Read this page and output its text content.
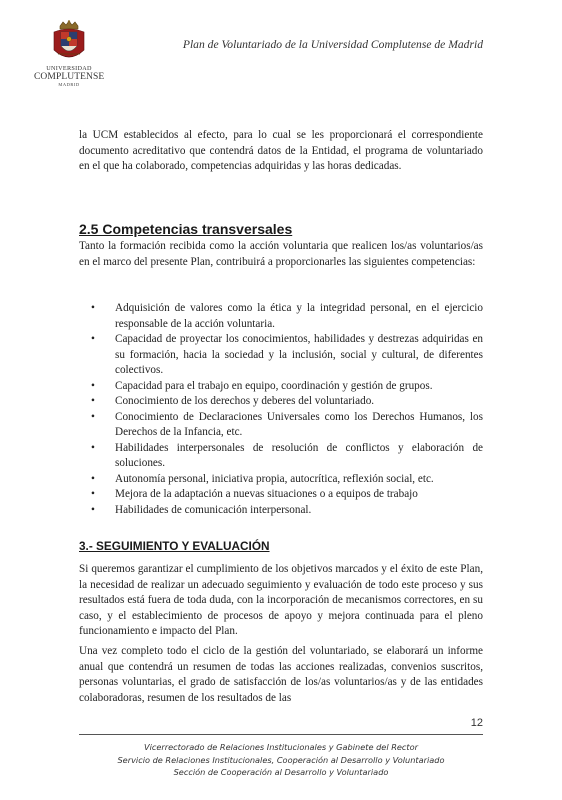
UNIVERSIDAD
COMPLUTENSE
MADRID
Plan de Voluntariado de la Universidad Complutense de Madrid

la UCM establecidos al efecto, para lo cual se les proporcionará el correspondiente documento acreditativo que contendrá datos de la Entidad, el programa de voluntariado en el que ha colaborado, competencias adquiridas y las horas dedicadas.

2.5 Competencias transversales

Tanto la formación recibida como la acción voluntaria que realicen los/as voluntarios/as en el marco del presente Plan, contribuirá a proporcionarles las siguientes competencias:

• Adquisición de valores como la ética y la integridad personal, en el ejercicio responsable de la acción voluntaria.
• Capacidad de proyectar los conocimientos, habilidades y destrezas adquiridas en su formación, hacia la sociedad y la inclusión, social y cultural, de diferentes colectivos.
• Capacidad para el trabajo en equipo, coordinación y gestión de grupos.
• Conocimiento de los derechos y deberes del voluntariado.
• Conocimiento de Declaraciones Universales como los Derechos Humanos, los Derechos de la Infancia, etc.
• Habilidades interpersonales de resolución de conflictos y elaboración de soluciones.
• Autonomía personal, iniciativa propia, autocrítica, reflexión social, etc.
• Mejora de la adaptación a nuevas situaciones o a equipos de trabajo
• Habilidades de comunicación interpersonal.
3.- SEGUIMIENTO Y EVALUACIÓN

Si queremos garantizar el cumplimiento de los objetivos marcados y el éxito de este Plan, la necesidad de realizar un adecuado seguimiento y evaluación de todo este proceso y sus resultados está fuera de toda duda, con la incorporación de mecanismos correctores, en su caso, y el establecimiento de procesos de apoyo y mejora continuada para el pleno funcionamiento e impacto del Plan.

Una vez completo todo el ciclo de la gestión del voluntariado, se elaborará un informe anual que contendrá un resumen de todas las acciones realizadas, convenios suscritos, personas voluntarias, el grado de satisfacción de los/as voluntarios/as y de las entidades colaboradoras, resumen de los resultados de las

12
Vicerrectorado de Relaciones Institucionales y Gabinete del Rector
Servicio de Relaciones Institucionales, Cooperación al Desarrollo y Voluntariado
Sección de Cooperación al Desarrollo y Voluntariado
